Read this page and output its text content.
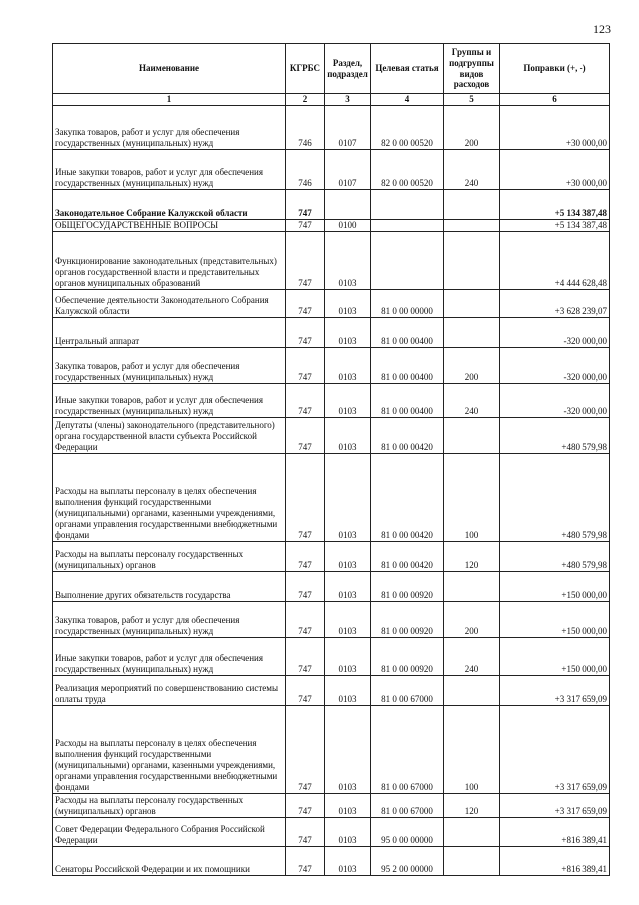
123
Наименование	КГРБС	Раздел, подраздел	Целевая статья	Группы и подгруппы видов расходов	Поправки (+, -)
1	2	3	4	5	6
Закупка товаров, работ и услуг для обеспечения государственных (муниципальных) нужд	746	0107	82 0 00 00520	200	+30 000,00
Иные закупки товаров, работ и услуг для обеспечения государственных (муниципальных) нужд	746	0107	82 0 00 00520	240	+30 000,00
Законодательное Собрание Калужской области	747				+5 134 387,48
ОБЩЕГОСУДАРСТВЕННЫЕ ВОПРОСЫ	747	0100			+5 134 387,48
Функционирование законодательных (представительных) органов государственной власти и представительных органов муниципальных образований	747	0103			+4 444 628,48
Обеспечение деятельности Законодательного Собрания Калужской области	747	0103	81 0 00 00000		+3 628 239,07
Центральный аппарат	747	0103	81 0 00 00400		-320 000,00
Закупка товаров, работ и услуг для обеспечения государственных (муниципальных) нужд	747	0103	81 0 00 00400	200	-320 000,00
Иные закупки товаров, работ и услуг для обеспечения государственных (муниципальных) нужд	747	0103	81 0 00 00400	240	-320 000,00
Депутаты (члены) законодательного (представительного) органа государственной власти субъекта Российской Федерации	747	0103	81 0 00 00420		+480 579,98
Расходы на выплаты персоналу в целях обеспечения выполнения функций государственными (муниципальными) органами, казенными учреждениями, органами управления государственными внебюджетными фондами	747	0103	81 0 00 00420	100	+480 579,98
Расходы на выплаты персоналу государственных (муниципальных) органов	747	0103	81 0 00 00420	120	+480 579,98
Выполнение других обязательств государства	747	0103	81 0 00 00920		+150 000,00
Закупка товаров, работ и услуг для обеспечения государственных (муниципальных) нужд	747	0103	81 0 00 00920	200	+150 000,00
Иные закупки товаров, работ и услуг для обеспечения государственных (муниципальных) нужд	747	0103	81 0 00 00920	240	+150 000,00
Реализация мероприятий по совершенствованию системы оплаты труда	747	0103	81 0 00 67000		+3 317 659,09
Расходы на выплаты персоналу в целях обеспечения выполнения функций государственными (муниципальными) органами, казенными учреждениями, органами управления государственными внебюджетными фондами	747	0103	81 0 00 67000	100	+3 317 659,09
Расходы на выплаты персоналу государственных (муниципальных) органов	747	0103	81 0 00 67000	120	+3 317 659,09
Совет Федерации Федерального Собрания Российской Федерации	747	0103	95 0 00 00000		+816 389,41
Сенаторы Российской Федерации и их помощники	747	0103	95 2 00 00000		+816 389,41
